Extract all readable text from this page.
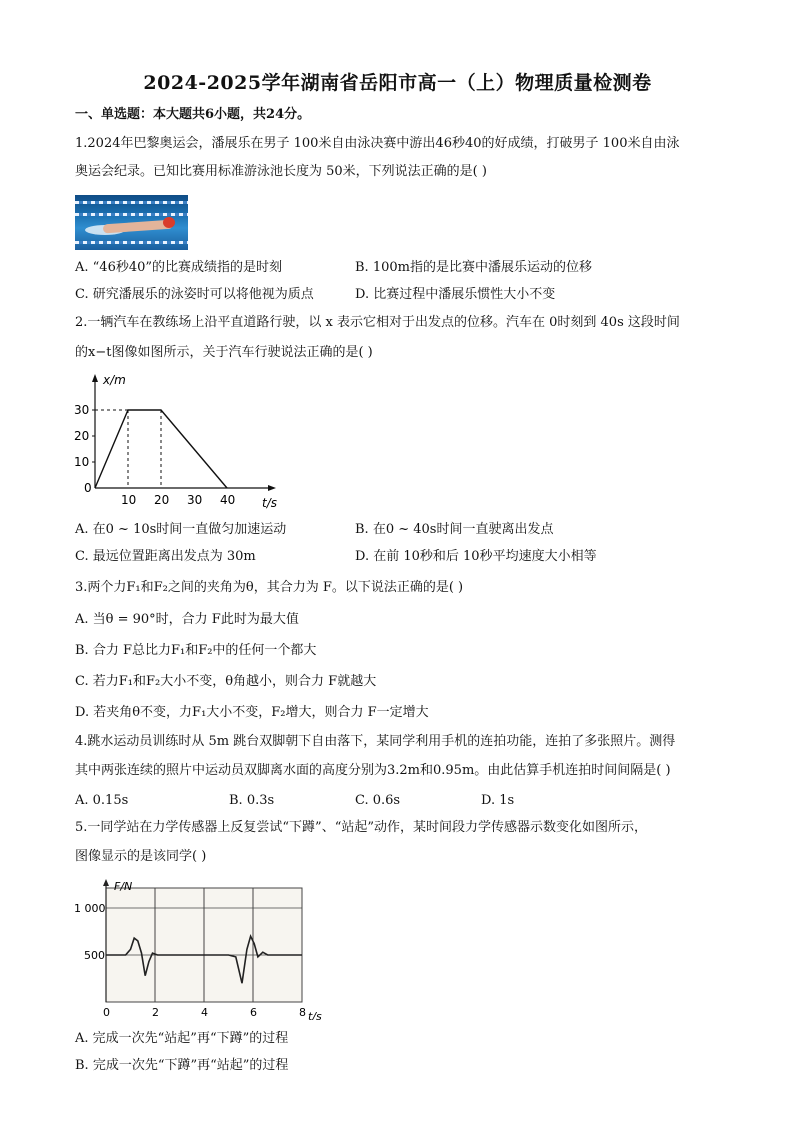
2024-2025学年湖南省岳阳市高一（上）物理质量检测卷
一、单选题：本大题共6小题，共24分。
1.2024年巴黎奥运会，潘展乐在男子 100米自由泳决赛中游出46秒40的好成绩，打破男子 100米自由泳
奥运会纪录。已知比赛用标准游泳池长度为 50米，下列说法正确的是( )
A. “46秒40”的比赛成绩指的是时刻	B. 100m指的是比赛中潘展乐运动的位移
C. 研究潘展乐的泳姿时可以将他视为质点	D. 比赛过程中潘展乐惯性大小不变
2.一辆汽车在教练场上沿平直道路行驶，以 x 表示它相对于出发点的位移。汽车在 0时刻到 40s 这段时间
的x−t图像如图所示，关于汽车行驶说法正确的是( )
x/m
t/s
0
10 20 30 40
10
20
30
A. 在0 ~ 10s时间一直做匀加速运动	B. 在0 ~ 40s时间一直驶离出发点
C. 最远位置距离出发点为 30m	D. 在前 10秒和后 10秒平均速度大小相等
3.两个力F₁和F₂之间的夹角为θ，其合力为 F。以下说法正确的是( )
A. 当θ = 90°时，合力 F此时为最大值
B. 合力 F总比力F₁和F₂中的任何一个都大
C. 若力F₁和F₂大小不变，θ角越小，则合力 F就越大
D. 若夹角θ不变，力F₁大小不变，F₂增大，则合力 F一定增大
4.跳水运动员训练时从 5m 跳台双脚朝下自由落下，某同学利用手机的连拍功能，连拍了多张照片。测得
其中两张连续的照片中运动员双脚离水面的高度分别为3.2m和0.95m。由此估算手机连拍时间间隔是( )
A. 0.15s	B. 0.3s	C. 0.6s	D. 1s
5.一同学站在力学传感器上反复尝试“下蹲”、“站起”动作，某时间段力学传感器示数变化如图所示，
图像显示的是该同学( )
F/N
t/s
500
1 000
0	2	4	6	8
A. 完成一次先“站起”再“下蹲”的过程
B. 完成一次先“下蹲”再“站起”的过程
